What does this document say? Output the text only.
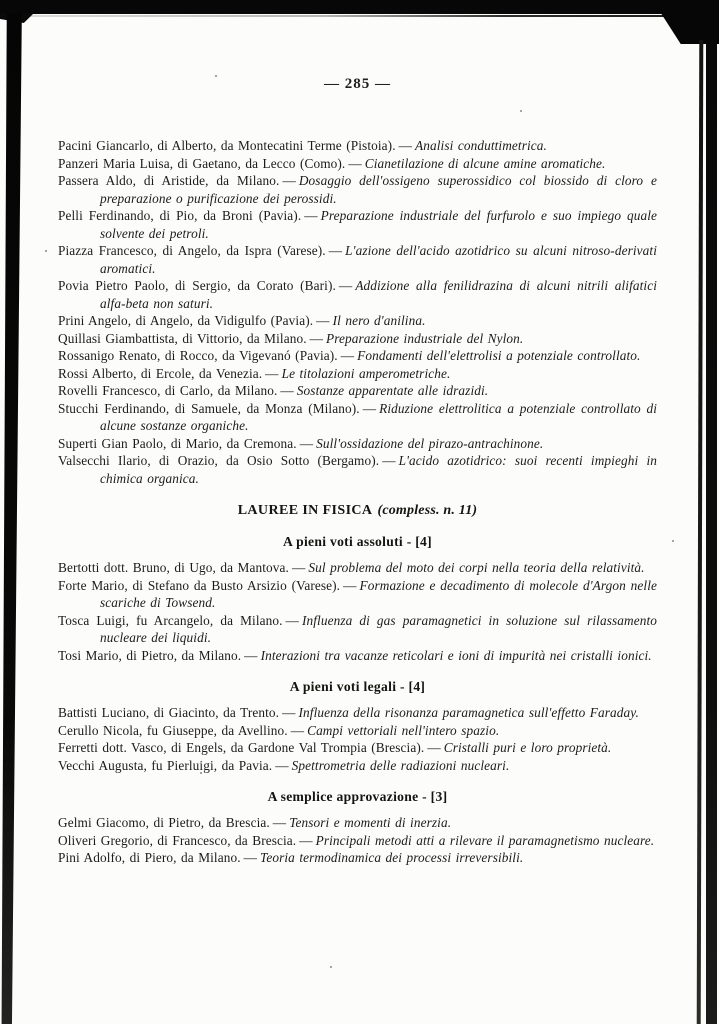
— 285 —

Pacini Giancarlo, di Alberto, da Montecatini Terme (Pistoia). — Analisi conduttimetrica.

Panzeri Maria Luisa, di Gaetano, da Lecco (Como). — Cianetilazione di alcune amine aromatiche.

Passera Aldo, di Aristide, da Milano. — Dosaggio dell'ossigeno superossidico col biossido di cloro e preparazione o purificazione dei perossidi.

Pelli Ferdinando, di Pio, da Broni (Pavia). — Preparazione industriale del furfurolo e suo impiego quale solvente dei petroli.

Piazza Francesco, di Angelo, da Ispra (Varese). — L'azione dell'acido azotidrico su alcuni nitroso-derivati aromatici.

Povia Pietro Paolo, di Sergio, da Corato (Bari). — Addizione alla fenilidrazina di alcuni nitrili alifatici alfa-beta non saturi.

Prini Angelo, di Angelo, da Vidigulfo (Pavia). — Il nero d'anilina.

Quillasi Giambattista, di Vittorio, da Milano. — Preparazione industriale del Nylon.

Rossanigo Renato, di Rocco, da Vigevanó (Pavia). — Fondamenti dell'elettrolisi a potenziale controllato.

Rossi Alberto, di Ercole, da Venezia. — Le titolazioni amperometriche.

Rovelli Francesco, di Carlo, da Milano. — Sostanze apparentate alle idrazidi.

Stucchi Ferdinando, di Samuele, da Monza (Milano). — Riduzione elettrolitica a potenziale controllato di alcune sostanze organiche.

Superti Gian Paolo, di Mario, da Cremona. — Sull'ossidazione del pirazo-antrachinone.

Valsecchi Ilario, di Orazio, da Osio Sotto (Bergamo). — L'acido azotidrico: suoi recenti impieghi in chimica organica.

LAUREE IN FISICA (compless. n. 11)
A pieni voti assoluti - [4]

Bertotti dott. Bruno, di Ugo, da Mantova. — Sul problema del moto dei corpi nella teoria della relatività.

Forte Mario, di Stefano da Busto Arsizio (Varese). — Formazione e decadimento di molecole d'Argon nelle scariche di Towsend.

Tosca Luigi, fu Arcangelo, da Milano. — Influenza di gas paramagnetici in soluzione sul rilassamento nucleare dei liquidi.

Tosi Mario, di Pietro, da Milano. — Interazioni tra vacanze reticolari e ioni di impurità nei cristalli ionici.

A pieni voti legali - [4]

Battisti Luciano, di Giacinto, da Trento. — Influenza della risonanza paramagnetica sull'effetto Faraday.

Cerullo Nicola, fu Giuseppe, da Avellino. — Campi vettoriali nell'intero spazio.

Ferretti dott. Vasco, di Engels, da Gardone Val Trompia (Brescia). — Cristalli puri e loro proprietà.

Vecchi Augusta, fu Pierluigi, da Pavia. — Spettrometria delle radiazioni nucleari.

A semplice approvazione - [3]

Gelmi Giacomo, di Pietro, da Brescia. — Tensori e momenti di inerzia.

Oliveri Gregorio, di Francesco, da Brescia. — Principali metodi atti a rilevare il paramagnetismo nucleare.

Pini Adolfo, di Piero, da Milano. — Teoria termodinamica dei processi irreversibili.
